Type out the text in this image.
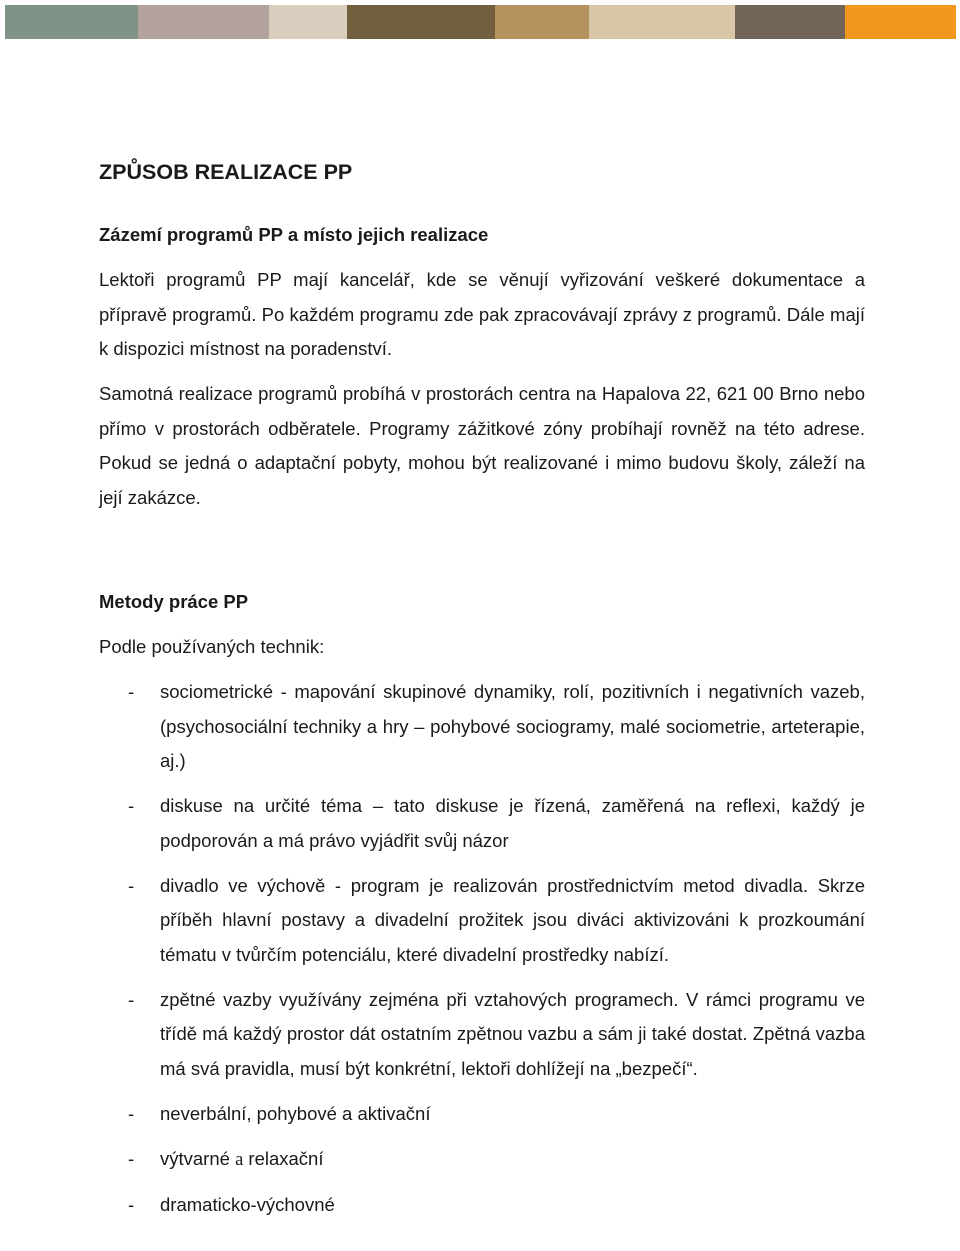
ZPŮSOB REALIZACE PP
Zázemí programů PP a místo jejich realizace

Lektoři programů PP mají kancelář, kde se věnují vyřizování veškeré dokumentace a přípravě programů. Po každém programu zde pak zpracovávají zprávy z programů. Dále mají k dispozici místnost na poradenství.

Samotná realizace programů probíhá v prostorách centra na Hapalova 22, 621 00 Brno nebo přímo v prostorách odběratele. Programy zážitkové zóny probíhají rovněž na této adrese. Pokud se jedná o adaptační pobyty, mohou být realizované i mimo budovu školy, záleží na její zakázce.

Metody práce PP

Podle používaných technik:

- sociometrické - mapování skupinové dynamiky, rolí, pozitivních i negativních vazeb, (psychosociální techniky a hry – pohybové sociogramy, malé sociometrie, arteterapie, aj.)
- diskuse na určité téma – tato diskuse je řízená, zaměřená na reflexi, každý je podporován a má právo vyjádřit svůj názor
- divadlo ve výchově - program je realizován prostřednictvím metod divadla. Skrze příběh hlavní postavy a divadelní prožitek jsou diváci aktivizováni k prozkoumání tématu v tvůrčím potenciálu, které divadelní prostředky nabízí.
- zpětné vazby využívány zejména při vztahových programech. V rámci programu ve třídě má každý prostor dát ostatním zpětnou vazbu a sám ji také dostat. Zpětná vazba má svá pravidla, musí být konkrétní, lektoři dohlížejí na „bezpečí“.
- neverbální, pohybové a aktivační
- výtvarné a relaxační
- dramaticko-výchovné
